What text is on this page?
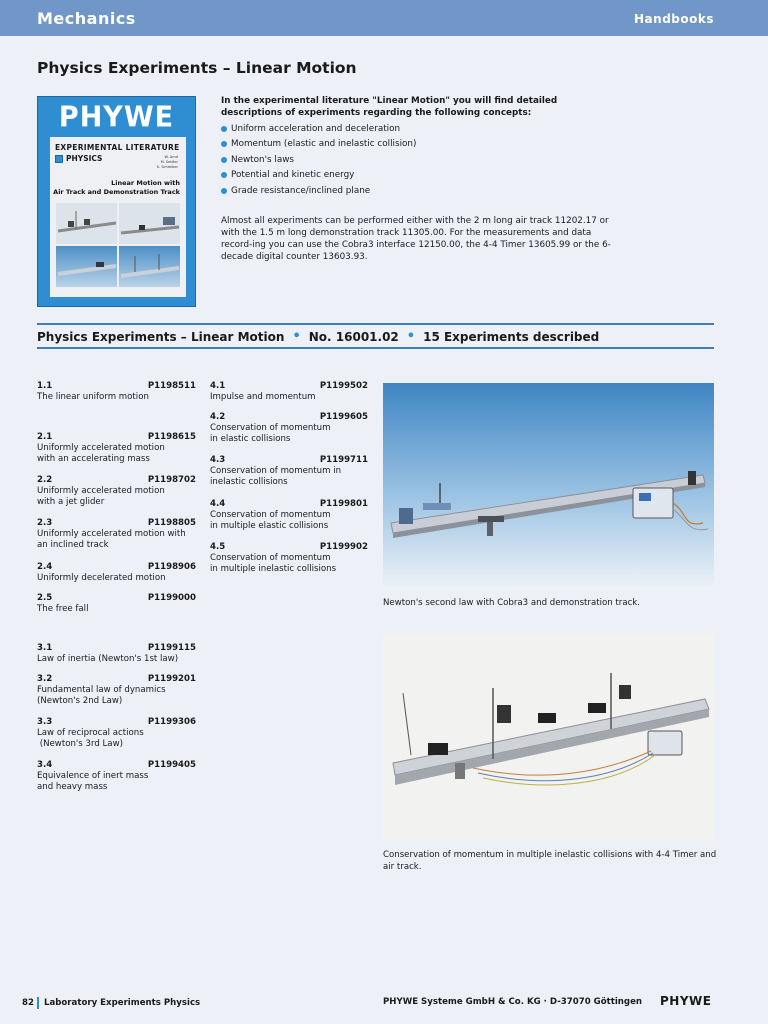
Mechanics	Handbooks
Physics Experiments – Linear Motion
PHYWE
EXPERIMENTAL LITERATURE
PHYSICS	W. Arnd
M. Seidler
K. Schreiber
Linear Motion with
Air Track and Demonstration Track
In the experimental literature "Linear Motion" you will find detailed descriptions of experiments regarding the following concepts:
Uniform acceleration and deceleration
Momentum (elastic and inelastic collision)
Newton's laws
Potential and kinetic energy
Grade resistance/inclined plane
Almost all experiments can be performed either with the 2 m long air track 11202.17 or with the 1.5 m long demonstration track 11305.00. For the measurements and data record-ing you can use the Cobra3 interface 12150.00, the 4-4 Timer 13605.99 or the 6-decade digital counter 13603.93.
Physics Experiments – Linear Motion • No. 16001.02 • 15 Experiments described
1.1	P1198511
The linear uniform motion
2.1	P1198615
Uniformly accelerated motion
with an accelerating mass
2.2	P1198702
Uniformly accelerated motion
with a jet glider
2.3	P1198805
Uniformly accelerated motion with
an inclined track
2.4	P1198906
Uniformly decelerated motion
2.5	P1199000
The free fall
3.1	P1199115
Law of inertia (Newton's 1st law)
3.2	P1199201
Fundamental law of dynamics
(Newton's 2nd Law)
3.3	P1199306
Law of reciprocal actions
(Newton's 3rd Law)
3.4	P1199405
Equivalence of inert mass
and heavy mass
4.1	P1199502
Impulse and momentum
4.2	P1199605
Conservation of momentum
in elastic collisions
4.3	P1199711
Conservation of momentum in
inelastic collisions
4.4	P1199801
Conservation of momentum
in multiple elastic collisions
4.5	P1199902
Conservation of momentum
in multiple inelastic collisions
Newton's second law with Cobra3 and demonstration track.
Conservation of momentum in multiple inelastic collisions with 4-4 Timer and air track.
82 Laboratory Experiments Physics	PHYWE Systeme GmbH & Co. KG · D-37070 Göttingen PHYWE
